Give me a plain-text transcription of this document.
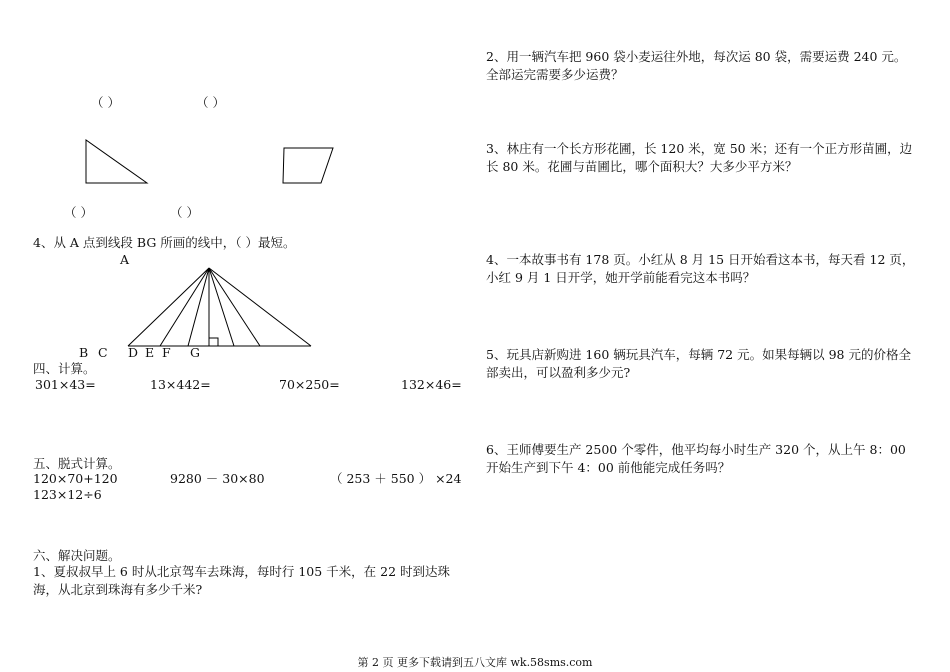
（ ）	（ ）
（ ）	（ ）
4、从 A 点到线段 BG 所画的线中，（ ）最短。
A
B C D E F G
四、计算。
301×43=	13×442=	70×250=	132×46=
五、脱式计算。
120×70+120	9280 － 30×80	（ 253 ＋ 550 ） ×24
123×12÷6
六、解决问题。
1、夏叔叔早上 6 时从北京驾车去珠海，每时行 105 千米，在 22 时到达珠海，从北京到珠海有多少千米?
2、用一辆汽车把 960 袋小麦运往外地，每次运 80 袋，需要运费 240 元。全部运完需要多少运费？
3、林庄有一个长方形花圃，长 120 米，宽 50 米；还有一个正方形苗圃，边长 80 米。花圃与苗圃比，哪个面积大？大多少平方米？
4、一本故事书有 178 页。小红从 8 月 15 日开始看这本书，每天看 12 页，小红 9 月 1 日开学，她开学前能看完这本书吗？
5、玩具店新购进 160 辆玩具汽车，每辆 72 元。如果每辆以 98 元的价格全部卖出，可以盈利多少元?
6、王师傅要生产 2500 个零件，他平均每小时生产 320 个，从上午 8：00 开始生产到下午 4：00 前他能完成任务吗？
第 2 页 更多下载请到五八文库 wk.58sms.com
